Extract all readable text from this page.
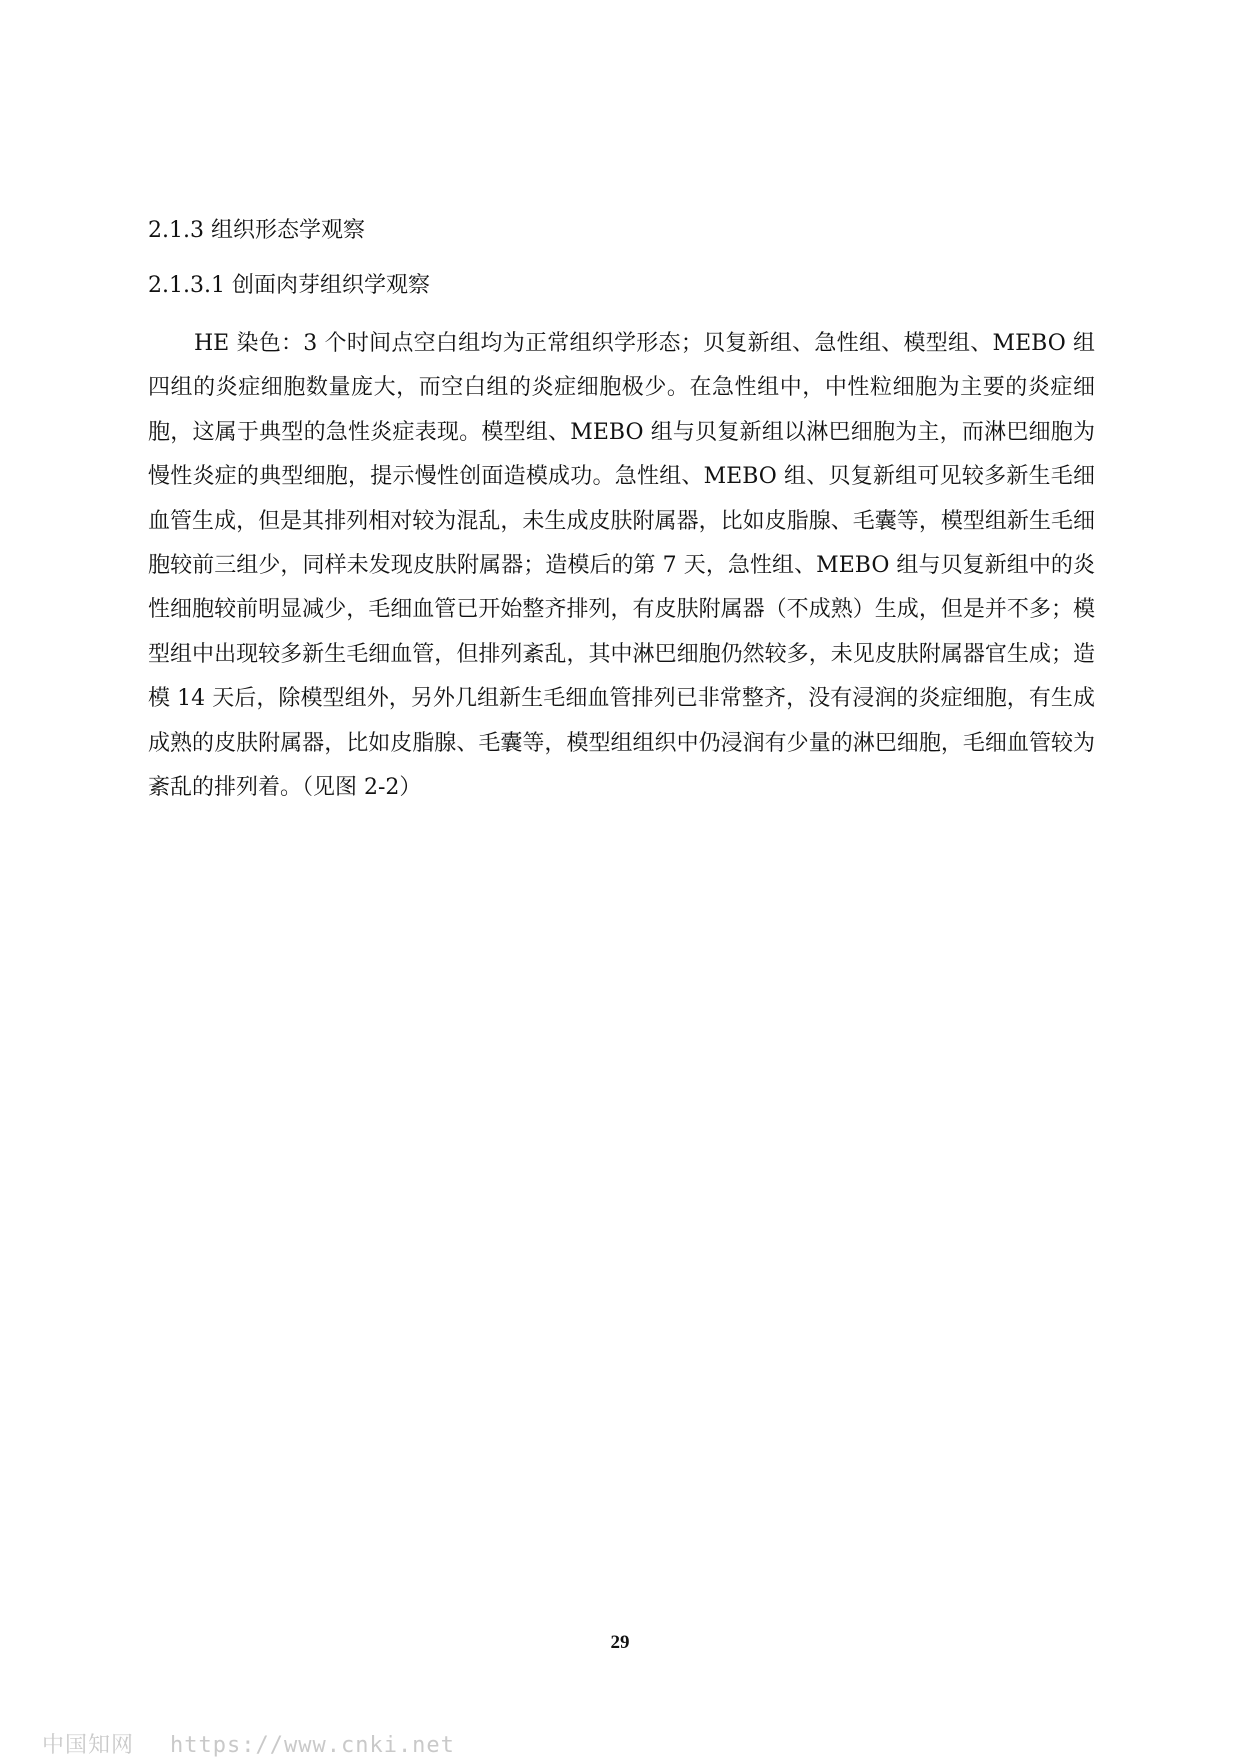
2.1.3 组织形态学观察
2.1.3.1 创面肉芽组织学观察

HE 染色：3 个时间点空白组均为正常组织学形态；贝复新组、急性组、模型组、MEBO 组四组的炎症细胞数量庞大，而空白组的炎症细胞极少。在急性组中，中性粒细胞为主要的炎症细胞，这属于典型的急性炎症表现。模型组、MEBO 组与贝复新组以淋巴细胞为主，而淋巴细胞为慢性炎症的典型细胞，提示慢性创面造模成功。急性组、MEBO 组、贝复新组可见较多新生毛细血管生成，但是其排列相对较为混乱，未生成皮肤附属器，比如皮脂腺、毛囊等，模型组新生毛细胞较前三组少，同样未发现皮肤附属器；造模后的第 7 天，急性组、MEBO 组与贝复新组中的炎性细胞较前明显减少，毛细血管已开始整齐排列，有皮肤附属器（不成熟）生成，但是并不多；模型组中出现较多新生毛细血管，但排列紊乱，其中淋巴细胞仍然较多，未见皮肤附属器官生成；造模 14 天后，除模型组外，另外几组新生毛细血管排列已非常整齐，没有浸润的炎症细胞，有生成成熟的皮肤附属器，比如皮脂腺、毛囊等，模型组组织中仍浸润有少量的淋巴细胞，毛细血管较为紊乱的排列着。（见图 2-2）

29
中国知网 https://www.cnki.net
